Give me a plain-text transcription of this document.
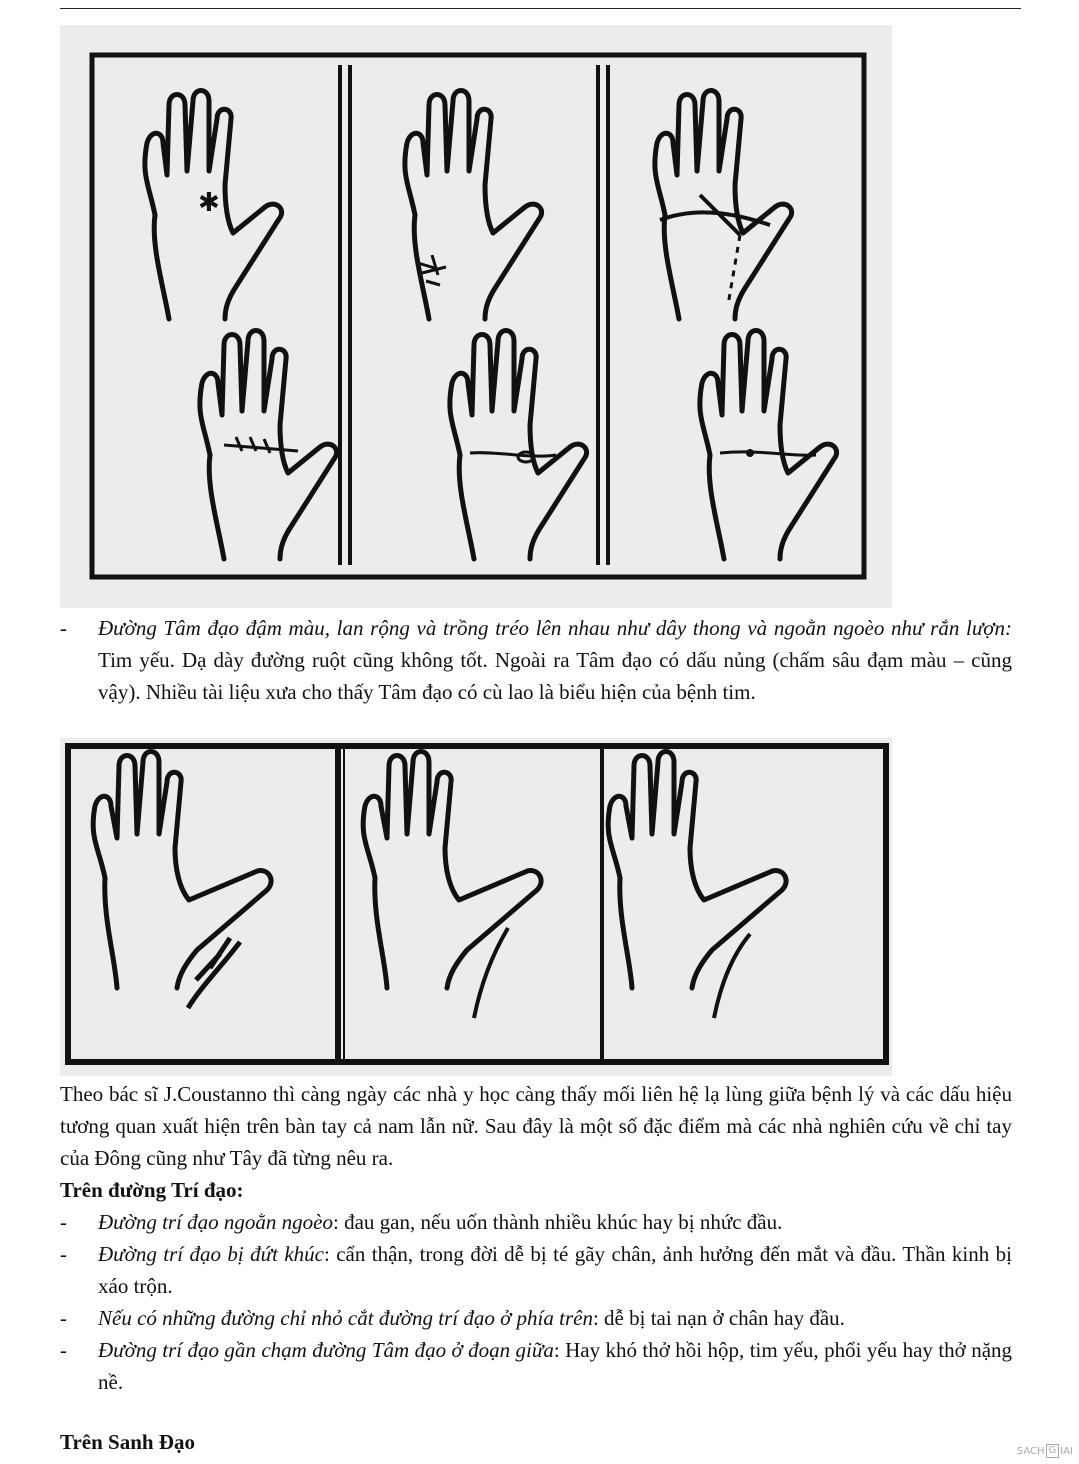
✱
- Đường Tâm đạo đậm màu, lan rộng và trồng tréo lên nhau như dây thong và ngoằn ngoèo như rắn lượn: Tim yếu. Dạ dày đường ruột cũng không tốt. Ngoài ra Tâm đạo có dấu nủng (chấm sâu đạm màu – cũng vậy). Nhiều tài liệu xưa cho thấy Tâm đạo có cù lao là biểu hiện của bệnh tim.
Theo bác sĩ J.Coustanno thì càng ngày các nhà y học càng thấy mối liên hệ lạ lùng giữa bệnh lý và các dấu hiệu tương quan xuất hiện trên bàn tay cả nam lẫn nữ. Sau đây là một số đặc điểm mà các nhà nghiên cứu về chỉ tay của Đông cũng như Tây đã từng nêu ra.
Trên đường Trí đạo:
- Đường trí đạo ngoằn ngoèo: đau gan, nếu uốn thành nhiều khúc hay bị nhức đầu.
- Đường trí đạo bị đứt khúc: cẩn thận, trong đời dễ bị té gãy chân, ảnh hưởng đến mắt và đầu. Thần kinh bị xáo trộn.
- Nếu có những đường chỉ nhỏ cắt đường trí đạo ở phía trên: dễ bị tai nạn ở chân hay đầu.
- Đường trí đạo gần chạm đường Tâm đạo ở đoạn giữa: Hay khó thở hồi hộp, tim yếu, phổi yếu hay thở nặng nề.
Trên Sanh Đạo	SACH G IAI
